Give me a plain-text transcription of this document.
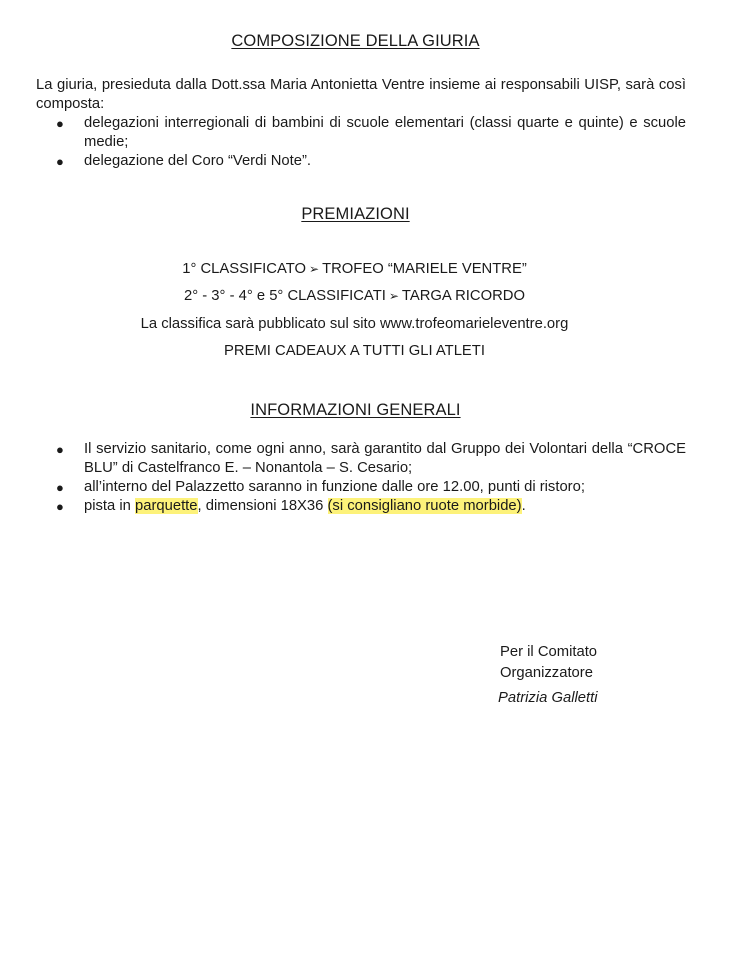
COMPOSIZIONE DELLA GIURIA
La giuria, presieduta dalla Dott.ssa Maria Antonietta Ventre insieme ai responsabili UISP, sarà così composta:
● delegazioni interregionali di bambini di scuole elementari (classi quarte e quinte) e scuole medie;
● delegazione del Coro “Verdi Note”.
PREMIAZIONI
1° CLASSIFICATO ➢ TROFEO “MARIELE VENTRE”
2° - 3° - 4° e 5° CLASSIFICATI ➢ TARGA RICORDO
La classifica sarà pubblicato sul sito www.trofeomarieleventre.org
PREMI CADEAUX A TUTTI GLI ATLETI
INFORMAZIONI GENERALI
● Il servizio sanitario, come ogni anno, sarà garantito dal Gruppo dei Volontari della “CROCE BLU” di Castelfranco E. – Nonantola – S. Cesario;
● all’interno del Palazzetto saranno in funzione dalle ore 12.00, punti di ristoro;
● pista in parquette, dimensioni 18X36 (si consigliano ruote morbide).
Per il Comitato
Organizzatore
Patrizia Galletti
